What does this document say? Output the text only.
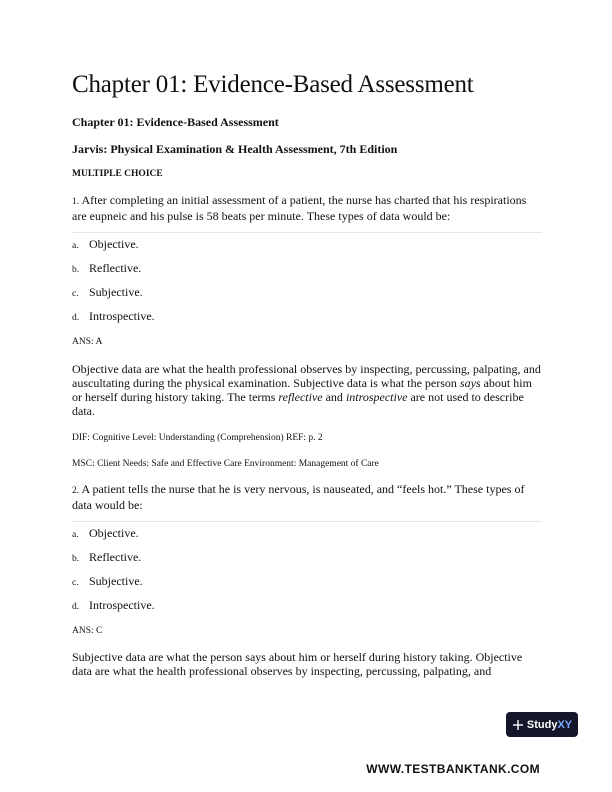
Chapter 01: Evidence-Based Assessment
Chapter 01: Evidence-Based Assessment
Jarvis: Physical Examination & Health Assessment, 7th Edition
MULTIPLE CHOICE
1. After completing an initial assessment of a patient, the nurse has charted that his respirations are eupneic and his pulse is 58 beats per minute. These types of data would be:
a. Objective.
b. Reflective.
c. Subjective.
d. Introspective.
ANS: A
Objective data are what the health professional observes by inspecting, percussing, palpating, and auscultating during the physical examination. Subjective data is what the person says about him or herself during history taking. The terms reflective and introspective are not used to describe data.
DIF: Cognitive Level: Understanding (Comprehension) REF: p. 2
MSC: Client Needs: Safe and Effective Care Environment: Management of Care
2. A patient tells the nurse that he is very nervous, is nauseated, and “feels hot.” These types of data would be:
a. Objective.
b. Reflective.
c. Subjective.
d. Introspective.
ANS: C
Subjective data are what the person says about him or herself during history taking. Objective data are what the health professional observes by inspecting, percussing, palpating, and
StudyXY
WWW.TESTBANKTANK.COM
